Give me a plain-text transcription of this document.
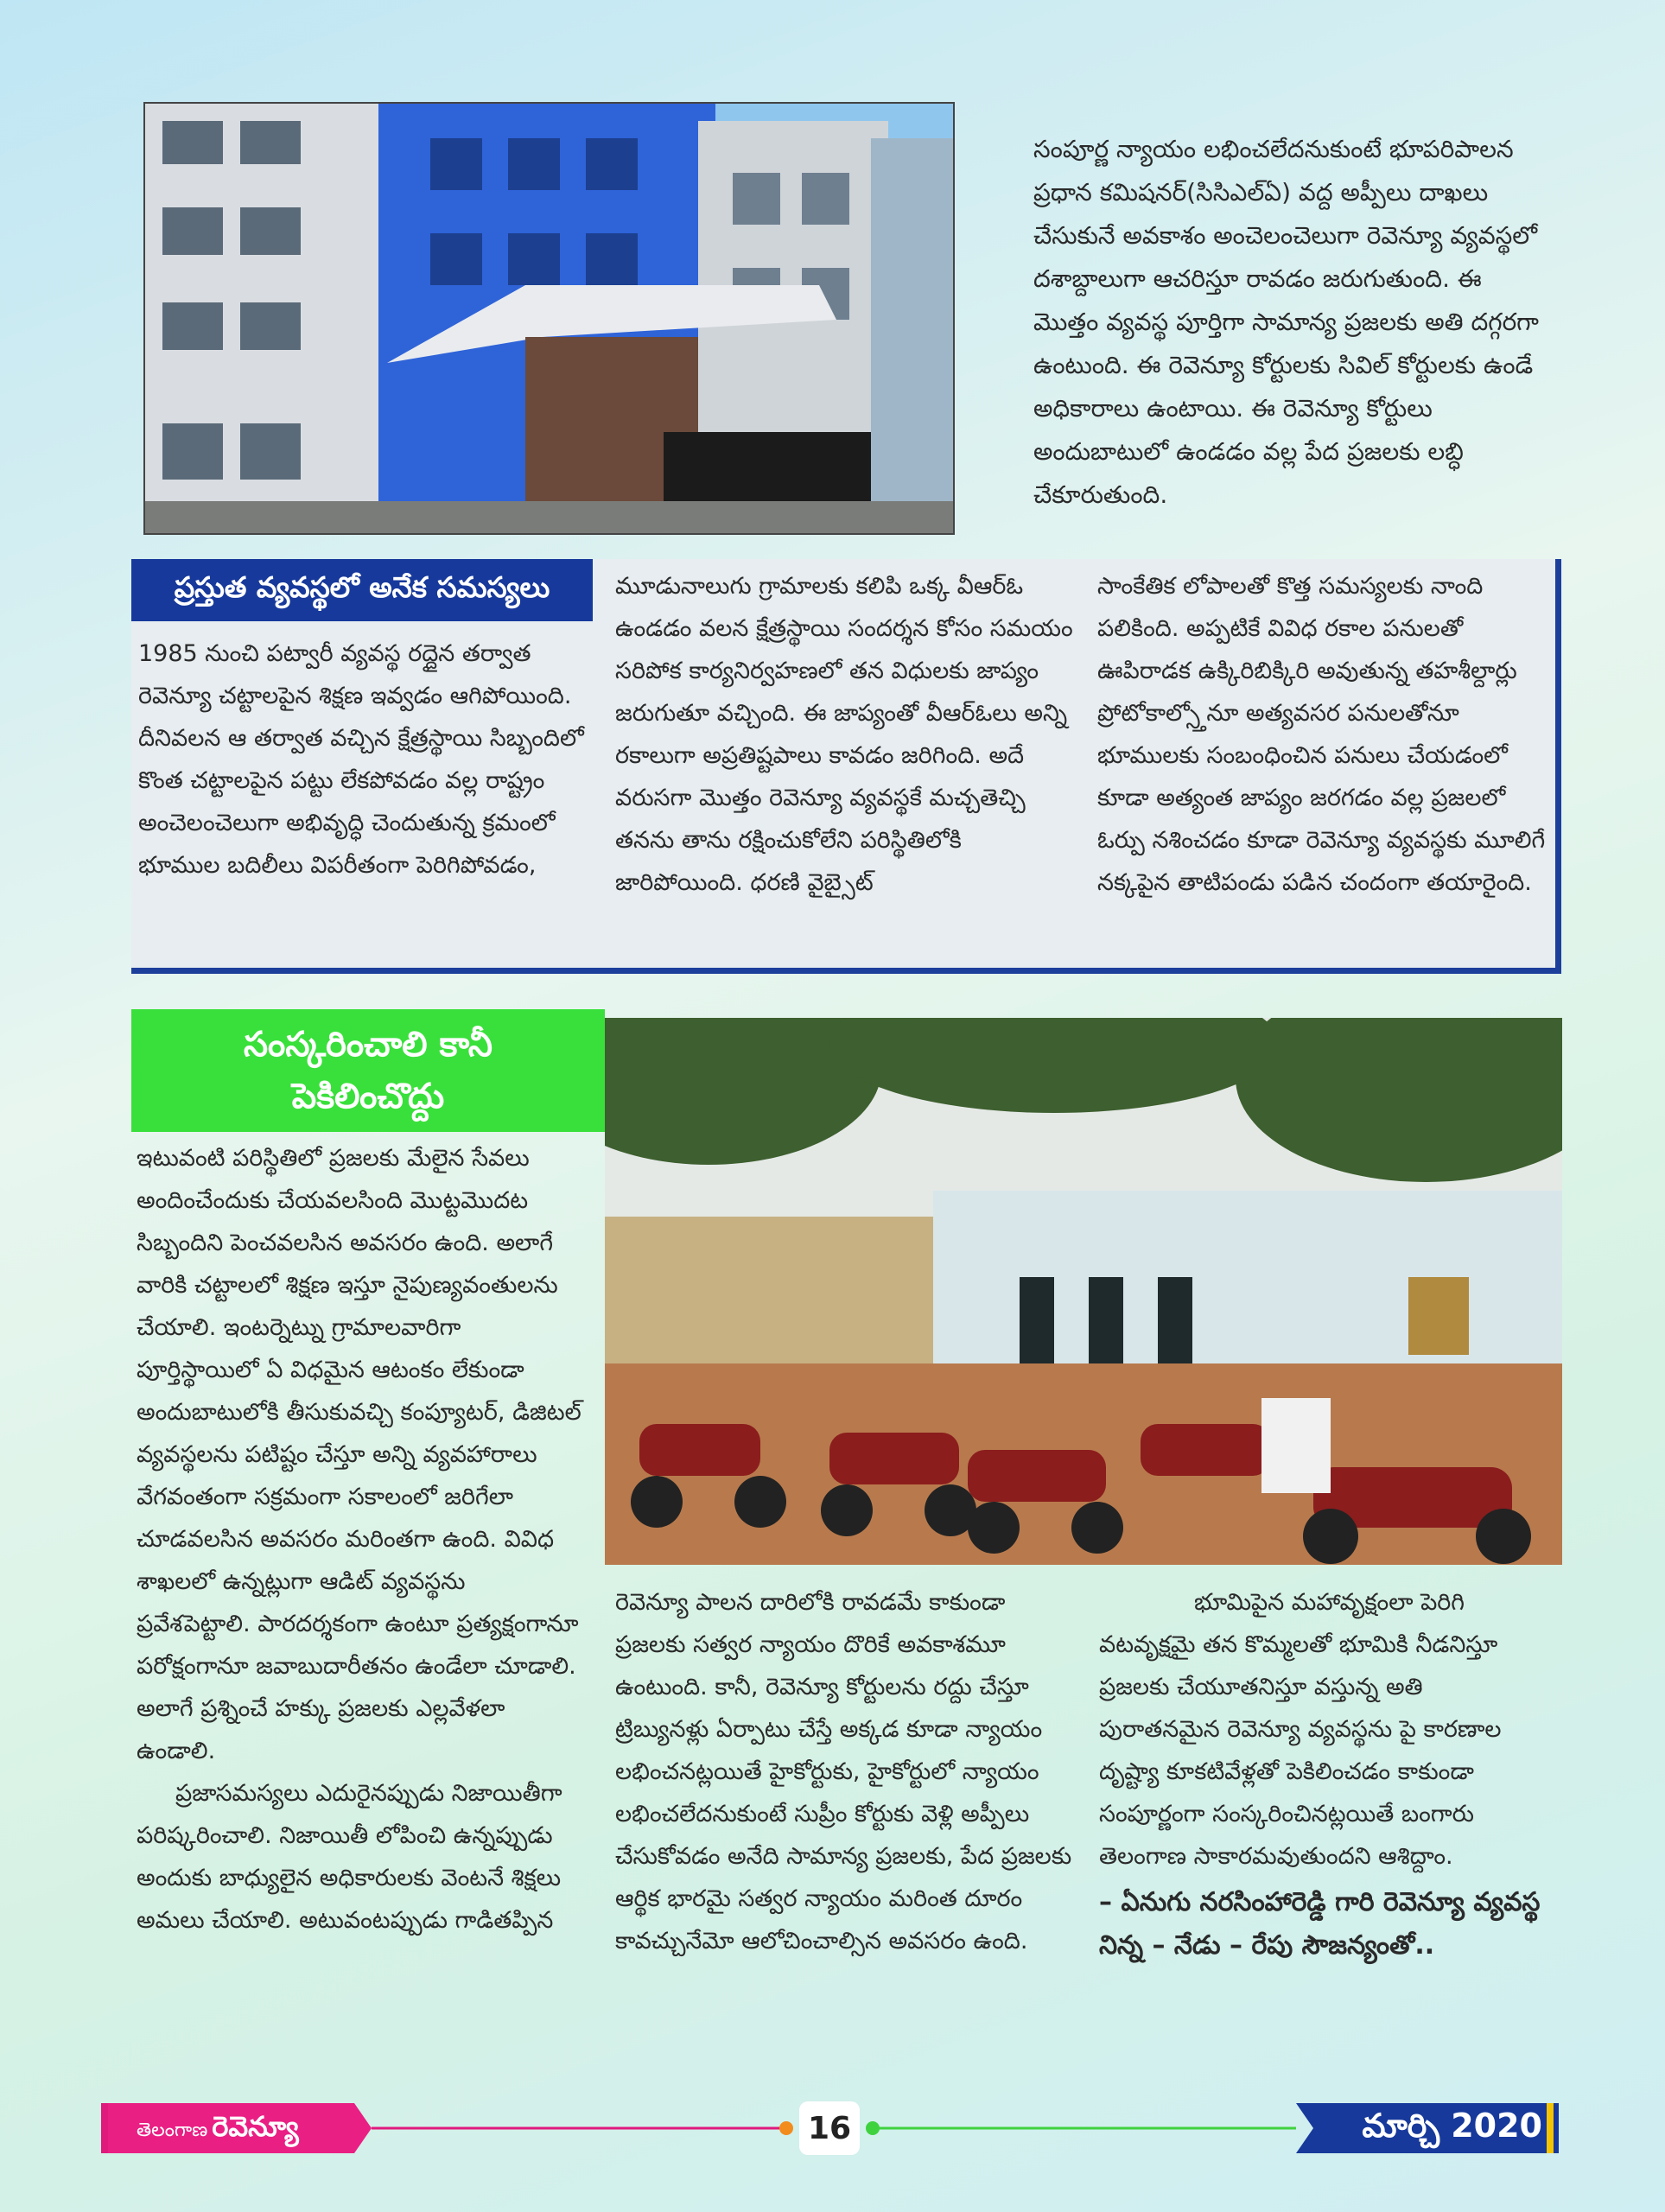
సంపూర్ణ న్యాయం లభించలేదనుకుంటే భూపరిపాలన ప్రధాన కమిషనర్(సిసిఎల్ఏ) వద్ద అప్పీలు దాఖలు చేసుకునే అవకాశం అంచెలంచెలుగా రెవెన్యూ వ్యవస్థలో దశాబ్దాలుగా ఆచరిస్తూ రావడం జరుగుతుంది. ఈ మొత్తం వ్యవస్థ పూర్తిగా సామాన్య ప్రజలకు అతి దగ్గరగా ఉంటుంది. ఈ రెవెన్యూ కోర్టులకు సివిల్ కోర్టులకు ఉండే అధికారాలు ఉంటాయి. ఈ రెవెన్యూ కోర్టులు అందుబాటులో ఉండడం వల్ల పేద ప్రజలకు లబ్ధి చేకూరుతుంది.

ప్రస్తుత వ్యవస్థలో అనేక సమస్యలు

1985 నుంచి పట్వారీ వ్యవస్థ రద్దైన తర్వాత రెవెన్యూ చట్టాలపైన శిక్షణ ఇవ్వడం ఆగిపోయింది. దీనివలన ఆ తర్వాత వచ్చిన క్షేత్రస్థాయి సిబ్బందిలో కొంత చట్టాలపైన పట్టు లేకపోవడం వల్ల రాష్ట్రం అంచెలంచెలుగా అభివృద్ధి చెందుతున్న క్రమంలో భూముల బదిలీలు విపరీతంగా పెరిగిపోవడం,

మూడునాలుగు గ్రామాలకు కలిపి ఒక్క వీఆర్ఓ ఉండడం వలన క్షేత్రస్థాయి సందర్శన కోసం సమయం సరిపోక కార్యనిర్వహణలో తన విధులకు జాప్యం జరుగుతూ వచ్చింది. ఈ జాప్యంతో వీఆర్ఓలు అన్ని రకాలుగా అప్రతిష్టపాలు కావడం జరిగింది. అదే వరుసగా మొత్తం రెవెన్యూ వ్యవస్థకే మచ్చతెచ్చి తనను తాను రక్షించుకోలేని పరిస్థితిలోకి జారిపోయింది. ధరణి వైబ్సైట్

సాంకేతిక లోపాలతో కొత్త సమస్యలకు నాంది పలికింది. అప్పటికే వివిధ రకాల పనులతో ఊపిరాడక ఉక్కిరిబిక్కిరి అవుతున్న తహశీల్దార్లు ప్రోటోకాల్స్తోనూ అత్యవసర పనులతోనూ భూములకు సంబంధించిన పనులు చేయడంలో కూడా అత్యంత జాప్యం జరగడం వల్ల ప్రజలలో ఓర్పు నశించడం కూడా రెవెన్యూ వ్యవస్థకు మూలిగే నక్కపైన తాటిపండు పడిన చందంగా తయారైంది.

సంస్కరించాలి కానీ
పెకిలించొద్దు

ఇటువంటి పరిస్థితిలో ప్రజలకు మేలైన సేవలు అందించేందుకు చేయవలసింది మొట్టమొదట సిబ్బందిని పెంచవలసిన అవసరం ఉంది. అలాగే వారికి చట్టాలలో శిక్షణ ఇస్తూ నైపుణ్యవంతులను చేయాలి. ఇంటర్నెట్ను గ్రామాలవారిగా పూర్తిస్థాయిలో ఏ విధమైన ఆటంకం లేకుండా అందుబాటులోకి తీసుకువచ్చి కంప్యూటర్, డిజిటల్ వ్యవస్థలను పటిష్టం చేస్తూ అన్ని వ్యవహారాలు వేగవంతంగా సక్రమంగా సకాలంలో జరిగేలా చూడవలసిన అవసరం మరింతగా ఉంది. వివిధ శాఖలలో ఉన్నట్లుగా ఆడిట్ వ్యవస్థను ప్రవేశపెట్టాలి. పారదర్శకంగా ఉంటూ ప్రత్యక్షంగానూ పరోక్షంగానూ జవాబుదారీతనం ఉండేలా చూడాలి. అలాగే ప్రశ్నించే హక్కు ప్రజలకు ఎల్లవేళలా ఉండాలి.

ప్రజాసమస్యలు ఎదురైనప్పుడు నిజాయితీగా పరిష్కరించాలి. నిజాయితీ లోపించి ఉన్నప్పుడు అందుకు బాధ్యులైన అధికారులకు వెంటనే శిక్షలు అమలు చేయాలి. అటువంటప్పుడు గాడితప్పిన

రెవెన్యూ పాలన దారిలోకి రావడమే కాకుండా ప్రజలకు సత్వర న్యాయం దొరికే అవకాశమూ ఉంటుంది. కానీ, రెవెన్యూ కోర్టులను రద్దు చేస్తూ ట్రిబ్యునళ్లు ఏర్పాటు చేస్తే అక్కడ కూడా న్యాయం లభించనట్లయితే హైకోర్టుకు, హైకోర్టులో న్యాయం లభించలేదనుకుంటే సుప్రీం కోర్టుకు వెళ్లి అప్పీలు చేసుకోవడం అనేది సామాన్య ప్రజలకు, పేద ప్రజలకు ఆర్థిక భారమై సత్వర న్యాయం మరింత దూరం కావచ్చునేమో ఆలోచించాల్సిన అవసరం ఉంది.

భూమిపైన మహావృక్షంలా పెరిగి వటవృక్షమై తన కొమ్మలతో భూమికి నీడనిస్తూ ప్రజలకు చేయూతనిస్తూ వస్తున్న అతి పురాతనమైన రెవెన్యూ వ్యవస్థను పై కారణాల దృష్ట్యా కూకటివేళ్లతో పెకిలించడం కాకుండా సంపూర్ణంగా సంస్కరించినట్లయితే బంగారు తెలంగాణ సాకారమవుతుందని ఆశిద్దాం.

– ఏనుగు నరసింహారెడ్డి గారి రెవెన్యూ వ్యవస్థ నిన్న – నేడు – రేపు సౌజన్యంతో..

తెలంగాణ రెవెన్యూ	16	మార్చి 2020
